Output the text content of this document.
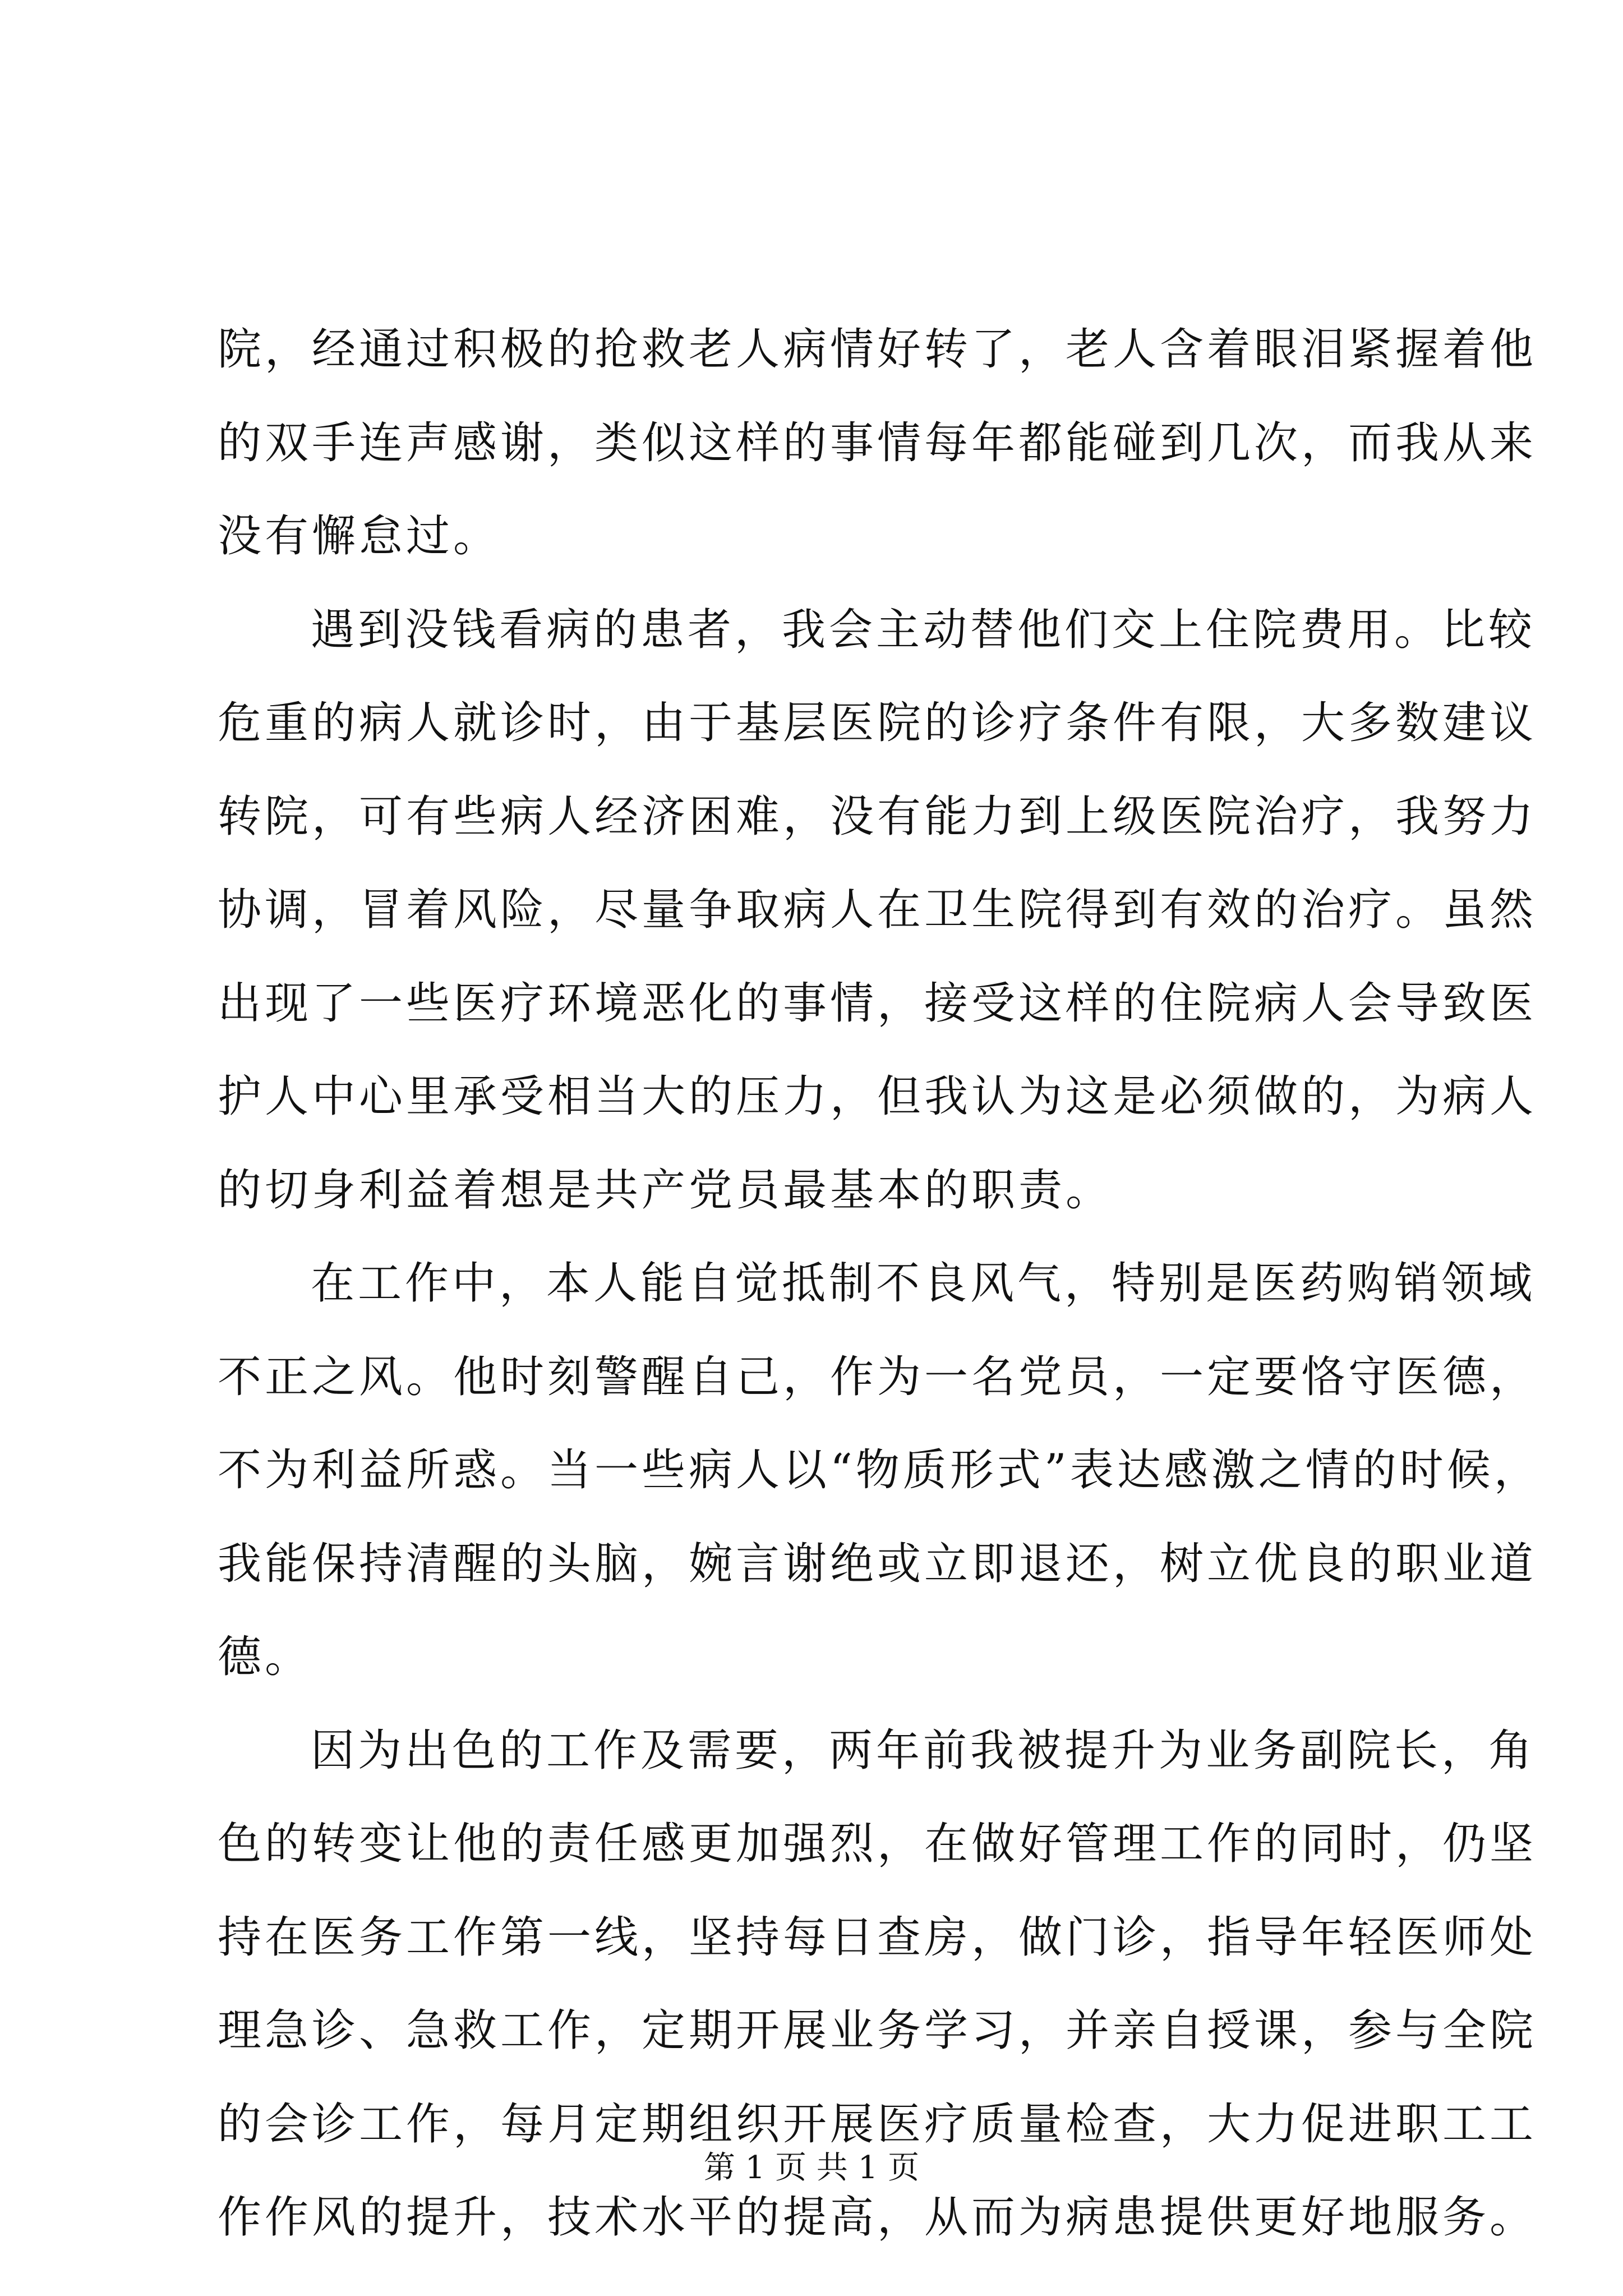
院，经通过积极的抢救老人病情好转了，老人含着眼泪紧握着他
的双手连声感谢，类似这样的事情每年都能碰到几次，而我从来
没有懈怠过。
遇到没钱看病的患者，我会主动替他们交上住院费用。比较
危重的病人就诊时，由于基层医院的诊疗条件有限，大多数建议
转院，可有些病人经济困难，没有能力到上级医院治疗，我努力
协调，冒着风险，尽量争取病人在卫生院得到有效的治疗。虽然
出现了一些医疗环境恶化的事情，接受这样的住院病人会导致医
护人中心里承受相当大的压力，但我认为这是必须做的，为病人
的切身利益着想是共产党员最基本的职责。
在工作中，本人能自觉抵制不良风气，特别是医药购销领域
不正之风。他时刻警醒自己，作为一名党员，一定要恪守医德，
不为利益所惑。当一些病人以“物质形式”表达感激之情的时候，
我能保持清醒的头脑，婉言谢绝或立即退还，树立优良的职业道
德。
因为出色的工作及需要，两年前我被提升为业务副院长，角
色的转变让他的责任感更加强烈，在做好管理工作的同时，仍坚
持在医务工作第一线，坚持每日查房，做门诊，指导年轻医师处
理急诊、急救工作，定期开展业务学习，并亲自授课，参与全院
的会诊工作，每月定期组织开展医疗质量检查，大力促进职工工
作作风的提升，技术水平的提高，从而为病患提供更好地服务。
第 1 页 共 1 页
